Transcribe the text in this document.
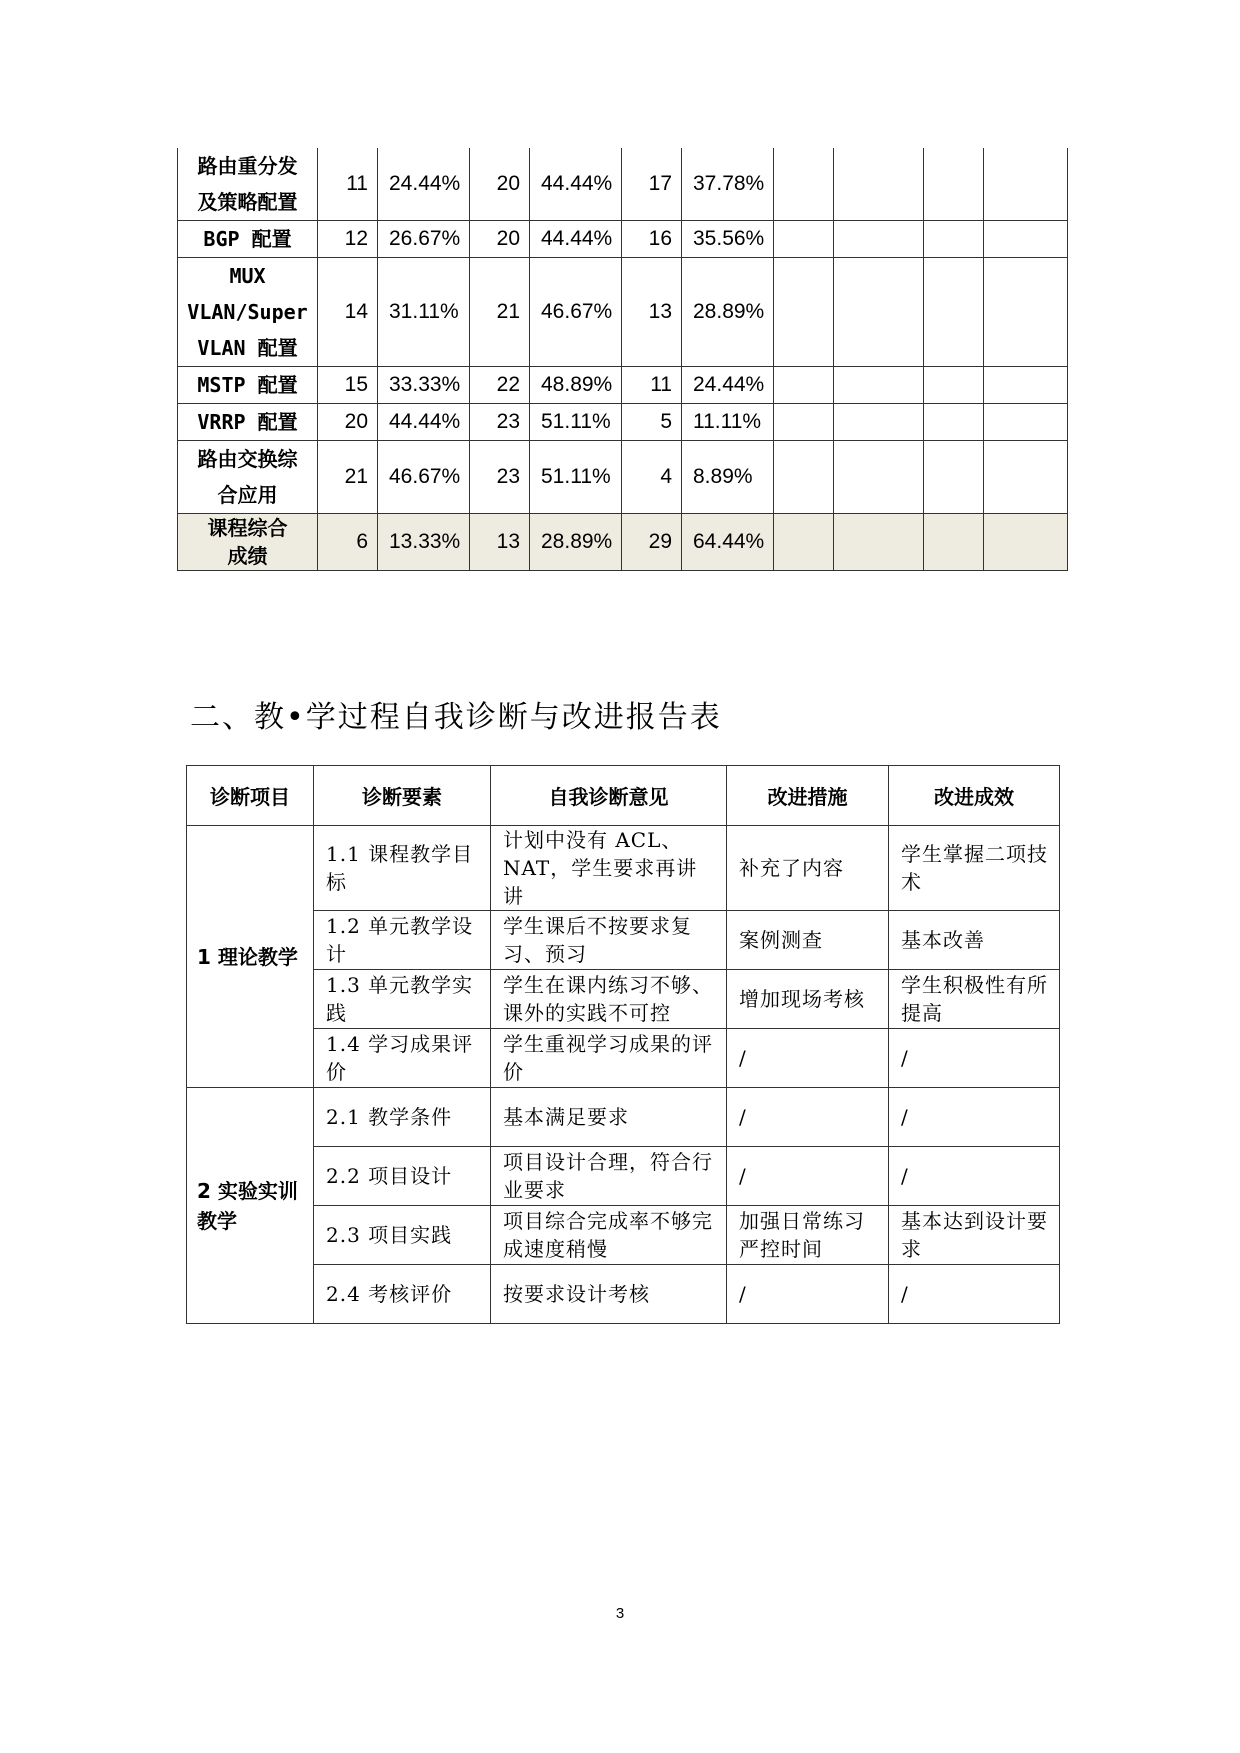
路由重分发
及策略配置	11	24.44%	20	44.44%	17	37.78%				

BGP 配置	12	26.67%	20	44.44%	16	35.56%				

MUX
VLAN/Super
VLAN 配置	14	31.11%	21	46.67%	13	28.89%				

MSTP 配置	15	33.33%	22	48.89%	11	24.44%				

VRRP 配置	20	44.44%	23	51.11%	5	11.11%				

路由交换综
合应用	21	46.67%	23	51.11%	4	8.89%				

课程综合
成绩	6	13.33%	13	28.89%	29	64.44%				
二、教•学过程自我诊断与改进报告表
诊断项目	诊断要素	自我诊断意见	改进措施	改进成效
1 理论教学	1.1 课程教学目标	计划中没有 ACL、NAT，学生要求再讲讲	补充了内容	学生掌握二项技术
	1.2 单元教学设计	学生课后不按要求复习、预习	案例测查	基本改善
	1.3 单元教学实践	学生在课内练习不够、课外的实践不可控	增加现场考核	学生积极性有所提高
	1.4 学习成果评价	学生重视学习成果的评价	/	/
2 实验实训教学	2.1 教学条件	基本满足要求	/	/
	2.2 项目设计	项目设计合理，符合行业要求	/	/
	2.3 项目实践	项目综合完成率不够完成速度稍慢	加强日常练习严控时间	基本达到设计要求
	2.4 考核评价	按要求设计考核	/	/
3
